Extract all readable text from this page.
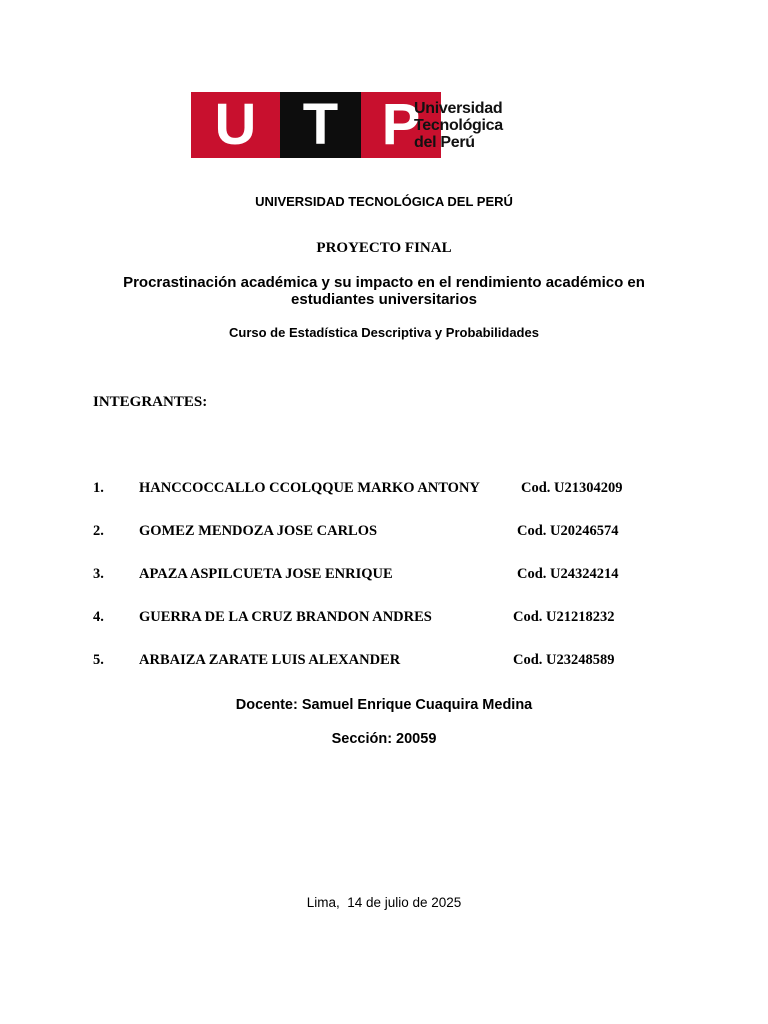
U T P
Universidad
Tecnológica
del Perú
UNIVERSIDAD TECNOLÓGICA DEL PERÚ
PROYECTO FINAL
Procrastinación académica y su impacto en el rendimiento académico en
estudiantes universitarios
Curso de Estadística Descriptiva y Probabilidades
INTEGRANTES:
1. HANCCOCCALLO CCOLQQUE MARKO ANTONY	Cod. U21304209
2. GOMEZ MENDOZA JOSE CARLOS	Cod. U20246574
3. APAZA ASPILCUETA JOSE ENRIQUE	Cod. U24324214
4. GUERRA DE LA CRUZ BRANDON ANDRES	Cod. U21218232
5. ARBAIZA ZARATE LUIS ALEXANDER	Cod. U23248589
Docente: Samuel Enrique Cuaquira Medina
Sección: 20059
Lima,  14 de julio de 2025
